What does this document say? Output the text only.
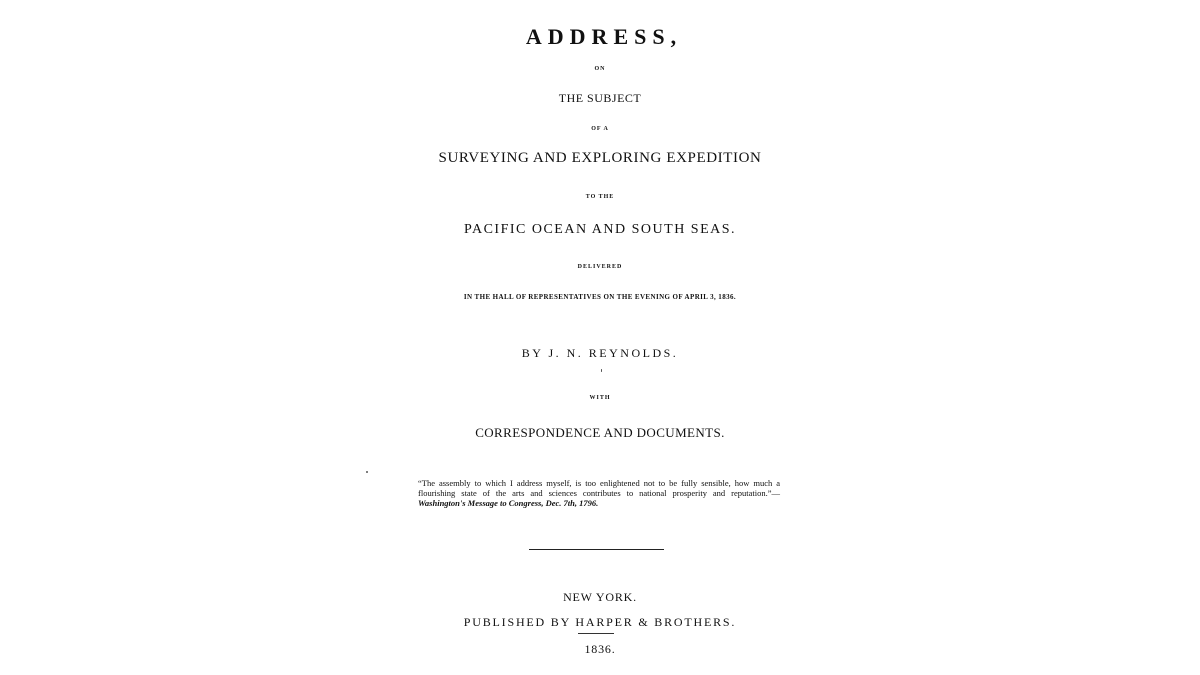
ADDRESS,
ON
THE SUBJECT
OF A
SURVEYING AND EXPLORING EXPEDITION
TO THE
PACIFIC OCEAN AND SOUTH SEAS.
DELIVERED
IN THE HALL OF REPRESENTATIVES ON THE EVENING OF APRIL 3, 1836.
BY J. N. REYNOLDS.
WITH
CORRESPONDENCE AND DOCUMENTS.
“The assembly to which I address myself, is too enlightened not to be fully sensible, how much a flourishing state of the arts and sciences contributes to national prosperity and reputation.”—Washington's Message to Congress, Dec. 7th, 1796.
NEW YORK.
PUBLISHED BY HARPER & BROTHERS.
1836.
